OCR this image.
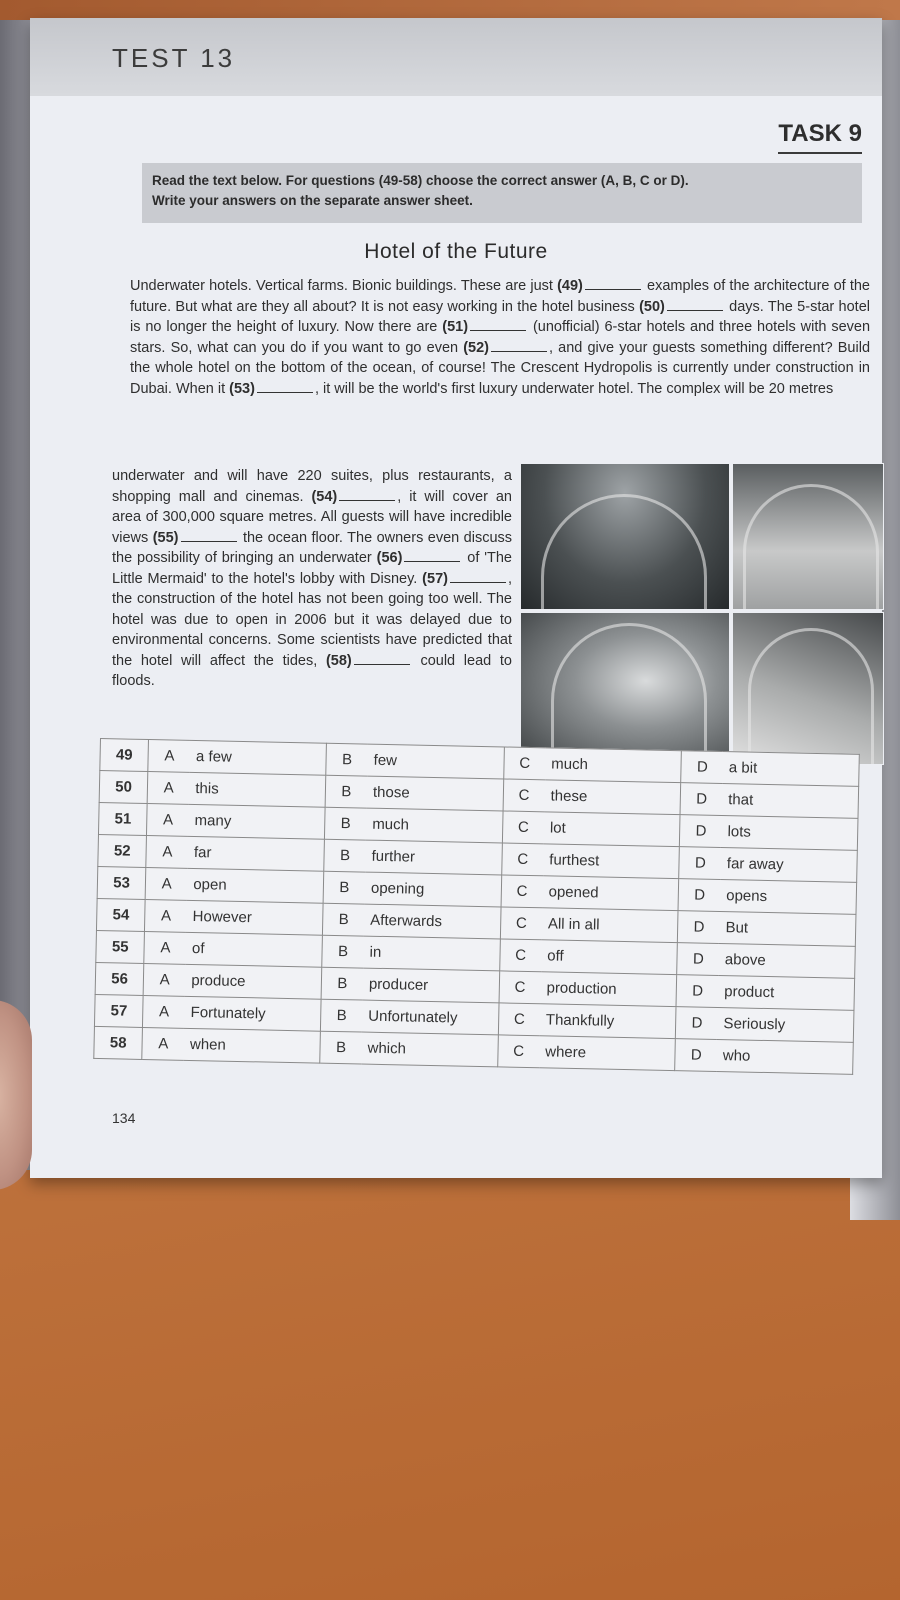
TEST 13
TASK 9
Read the text below. For questions (49-58) choose the correct answer (A, B, C or D).
Write your answers on the separate answer sheet.
Hotel of the Future
Underwater hotels. Vertical farms. Bionic buildings. These are just (49)	examples of the architecture of the future. But what are they all about? It is not easy working in the hotel business (50)	days. The 5-star hotel is no longer the height of luxury. Now there are (51)	(unofficial) 6-star hotels and three hotels with seven stars. So, what can you do if you want to go even (52)	, and give your guests something different? Build the whole hotel on the bottom of the ocean, of course! The Crescent Hydropolis is currently under construction in Dubai. When it (53)	, it will be the world's first luxury underwater hotel. The complex will be 20 metres
underwater and will have 220 suites, plus restaurants, a shopping mall and cinemas. (54)	, it will cover an area of 300,000 square metres. All guests will have incredible views (55)	the ocean floor. The owners even discuss the possibility of bringing an underwater (56)	of 'The Little Mermaid' to the hotel's lobby with Disney. (57)	, the construction of the hotel has not been going too well. The hotel was due to open in 2006 but it was delayed due to environmental concerns. Some scientists have predicted that the hotel will affect the tides, (58)	could lead to floods.
49	A	a few	B	few	C	much	D	a bit
50	A	this	B	those	C	these	D	that
51	A	many	B	much	C	lot	D	lots
52	A	far	B	further	C	furthest	D	far away
53	A	open	B	opening	C	opened	D	opens
54	A	However	B	Afterwards	C	All in all	D	But
55	A	of	B	in	C	off	D	above
56	A	produce	B	producer	C	production	D	product
57	A	Fortunately	B	Unfortunately	C	Thankfully	D	Seriously
58	A	when	B	which	C	where	D	who
134
